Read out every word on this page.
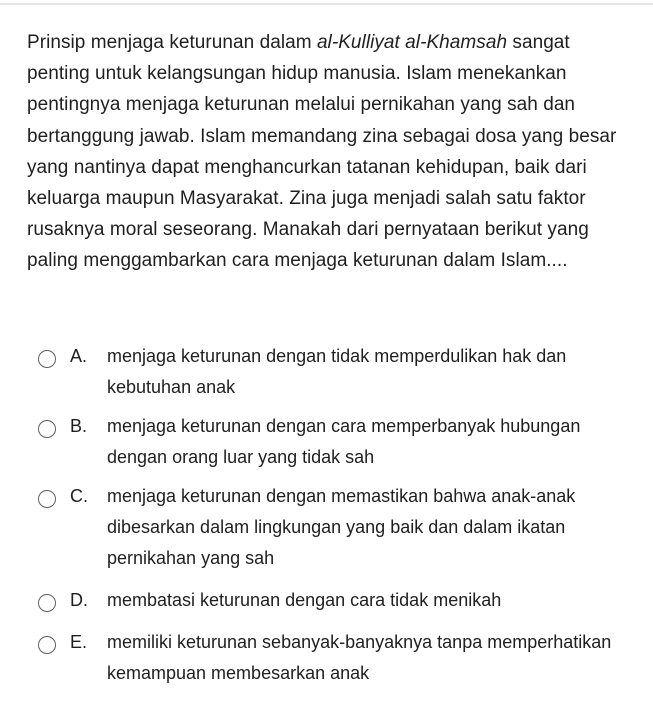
Prinsip menjaga keturunan dalam al-Kulliyat al-Khamsah sangat penting untuk kelangsungan hidup manusia. Islam menekankan pentingnya menjaga keturunan melalui pernikahan yang sah dan bertanggung jawab. Islam memandang zina sebagai dosa yang besar yang nantinya dapat menghancurkan tatanan kehidupan, baik dari keluarga maupun Masyarakat. Zina juga menjadi salah satu faktor rusaknya moral seseorang. Manakah dari pernyataan berikut yang paling menggambarkan cara menjaga keturunan dalam Islam....

A.	menjaga keturunan dengan tidak memperdulikan hak dan kebutuhan anak
B.	menjaga keturunan dengan cara memperbanyak hubungan dengan orang luar yang tidak sah
C.	menjaga keturunan dengan memastikan bahwa anak-anak dibesarkan dalam lingkungan yang baik dan dalam ikatan pernikahan yang sah
D.	membatasi keturunan dengan cara tidak menikah
E.	memiliki keturunan sebanyak-banyaknya tanpa memperhatikan kemampuan membesarkan anak
